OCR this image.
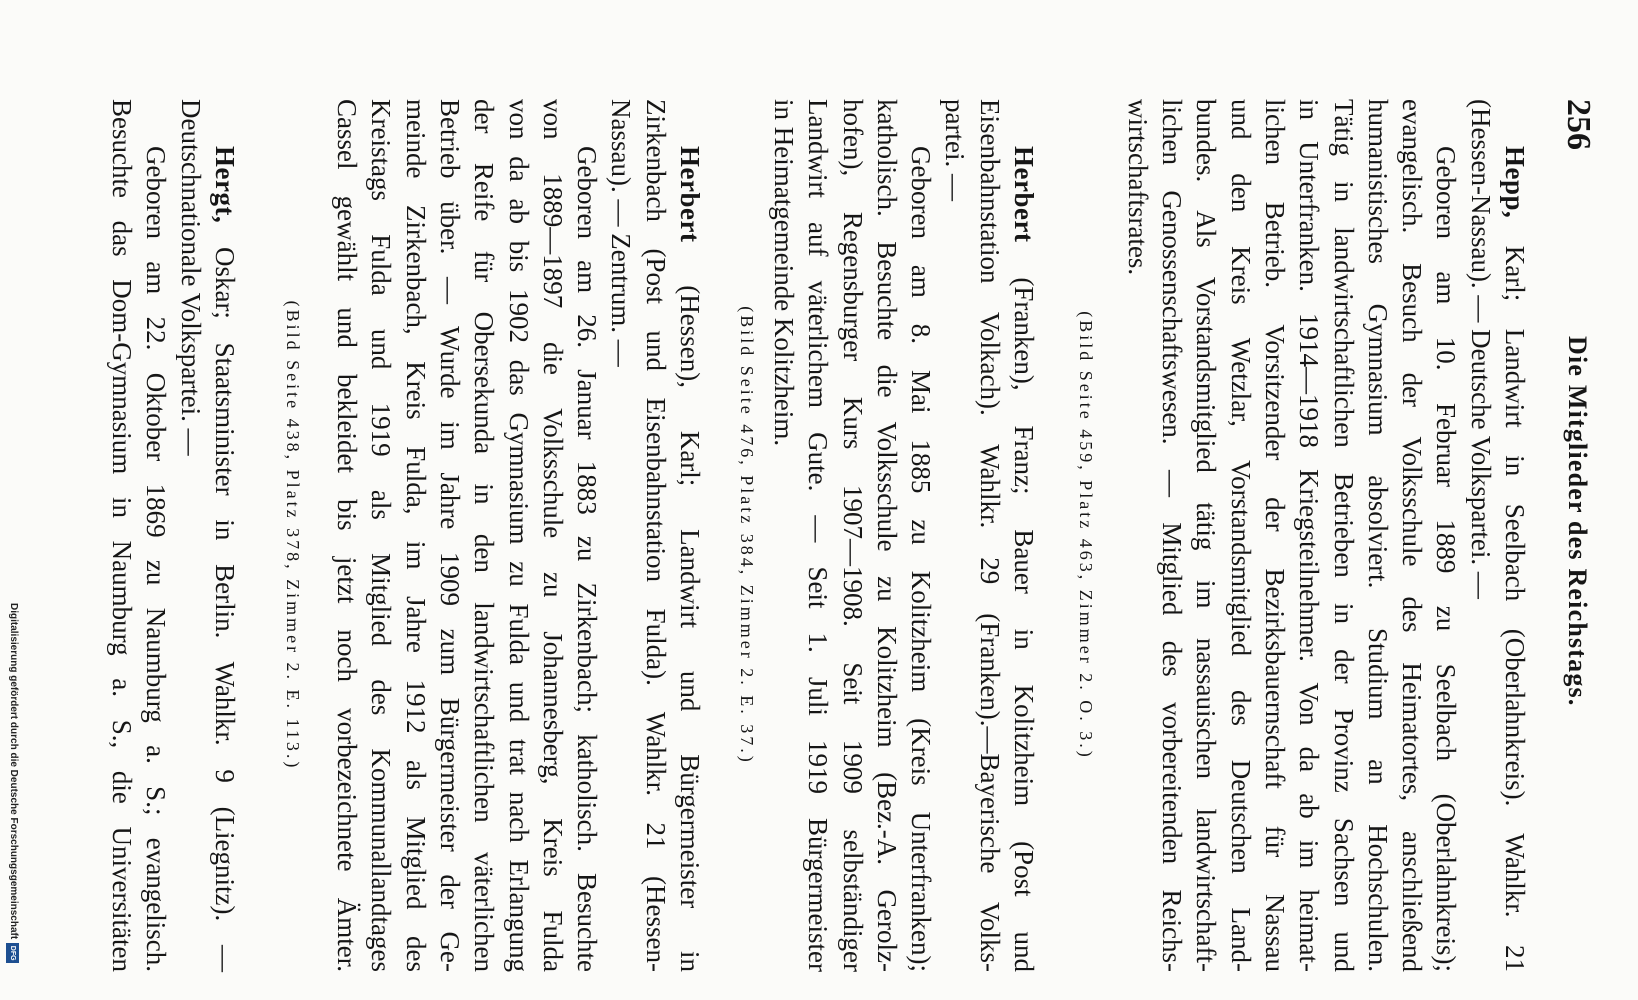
256
Die Mitglieder des Reichstags.
Hepp, Karl; Landwirt in Seelbach (Oberlahnkreis). Wahlkr. 21
(Hessen-Nassau). — Deutsche Volkspartei. —
Geboren am 10. Februar 1889 zu Seelbach (Oberlahnkreis);
evangelisch. Besuch der Volksschule des Heimatortes, anschließend
humanistisches Gymnasium absolviert. Studium an Hochschulen.
Tätig in landwirtschaftlichen Betrieben in der Provinz Sachsen und
in Unterfranken. 1914—1918 Kriegsteilnehmer. Von da ab im heimat-
lichen Betrieb. Vorsitzender der Bezirksbauernschaft für Nassau
und den Kreis Wetzlar, Vorstandsmitglied des Deutschen Land-
bundes. Als Vorstandsmitglied tätig im nassauischen landwirtschaft-
lichen Genossenschaftswesen. — Mitglied des vorbereitenden Reichs-
wirtschaftsrates.
(Bild Seite 459, Platz 463, Zimmer 2. O. 3.)
Herbert (Franken), Franz; Bauer in Kolitzheim (Post und
Eisenbahnstation Volkach). Wahlkr. 29 (Franken).—Bayerische Volks-
partei. —
Geboren am 8. Mai 1885 zu Kolitzheim (Kreis Unterfranken);
katholisch. Besuchte die Volksschule zu Kolitzheim (Bez.-A. Gerolz-
hofen), Regensburger Kurs 1907—1908. Seit 1909 selbständiger
Landwirt auf väterlichem Gute. — Seit 1. Juli 1919 Bürgermeister
in Heimatgemeinde Kolitzheim.
(Bild Seite 476, Platz 384, Zimmer 2. E. 37.)
Herbert (Hessen), Karl; Landwirt und Bürgermeister in
Zirkenbach (Post und Eisenbahnstation Fulda). Wahlkr. 21 (Hessen-
Nassau). — Zentrum. —
Geboren am 26. Januar 1883 zu Zirkenbach; katholisch. Besuchte
von 1889—1897 die Volksschule zu Johannesberg, Kreis Fulda
von da ab bis 1902 das Gymnasium zu Fulda und trat nach Erlangung
der Reife für Obersekunda in den landwirtschaftlichen väterlichen
Betrieb über. — Wurde im Jahre 1909 zum Bürgermeister der Ge-
meinde Zirkenbach, Kreis Fulda, im Jahre 1912 als Mitglied des
Kreistags Fulda und 1919 als Mitglied des Kommunallandtages
Cassel gewählt und bekleidet bis jetzt noch vorbezeichnete Ämter.
(Bild Seite 438, Platz 378, Zimmer 2. E. 113.)
Hergt, Oskar; Staatsminister in Berlin. Wahlkr. 9 (Liegnitz). —
Deutschnationale Volkspartei. —
Geboren am 22. Oktober 1869 zu Naumburg a. S.; evangelisch.
Besuchte das Dom-Gymnasium in Naumburg a. S., die Universitäten
Digitalisierung gefördert durch die Deutsche Forschungsgemeinschaft
DFG
